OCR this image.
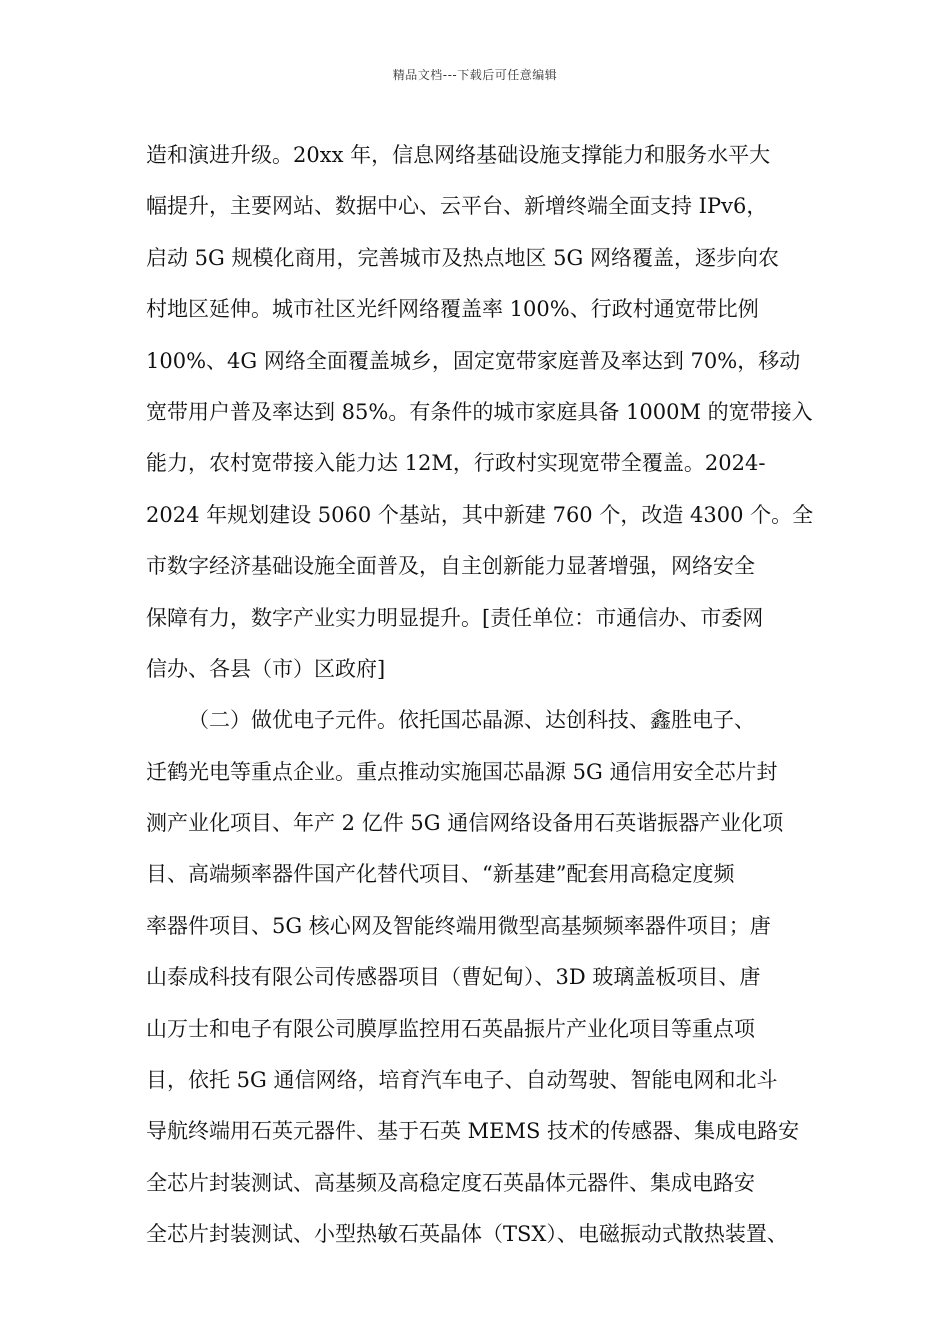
精品文档---下载后可任意编辑
造和演进升级。20xx 年，信息网络基础设施支撑能力和服务水平大
幅提升，主要网站、数据中心、云平台、新增终端全面支持 IPv6，
启动 5G 规模化商用，完善城市及热点地区 5G 网络覆盖，逐步向农
村地区延伸。城市社区光纤网络覆盖率 100%、行政村通宽带比例
100%、4G 网络全面覆盖城乡，固定宽带家庭普及率达到 70%，移动
宽带用户普及率达到 85%。有条件的城市家庭具备 1000M 的宽带接入
能力，农村宽带接入能力达 12M，行政村实现宽带全覆盖。2024-
2024 年规划建设 5060 个基站，其中新建 760 个，改造 4300 个。全
市数字经济基础设施全面普及，自主创新能力显著增强，网络安全
保障有力，数字产业实力明显提升。[责任单位：市通信办、市委网
信办、各县（市）区政府]
（二）做优电子元件。依托国芯晶源、达创科技、鑫胜电子、
迁鹤光电等重点企业。重点推动实施国芯晶源 5G 通信用安全芯片封
测产业化项目、年产 2 亿件 5G 通信网络设备用石英谐振器产业化项
目、高端频率器件国产化替代项目、“新基建”配套用高稳定度频
率器件项目、5G 核心网及智能终端用微型高基频频率器件项目；唐
山泰成科技有限公司传感器项目（曹妃甸）、3D 玻璃盖板项目、唐
山万士和电子有限公司膜厚监控用石英晶振片产业化项目等重点项
目，依托 5G 通信网络，培育汽车电子、自动驾驶、智能电网和北斗
导航终端用石英元器件、基于石英 MEMS 技术的传感器、集成电路安
全芯片封装测试、高基频及高稳定度石英晶体元器件、集成电路安
全芯片封装测试、小型热敏石英晶体（TSX）、电磁振动式散热装置、
